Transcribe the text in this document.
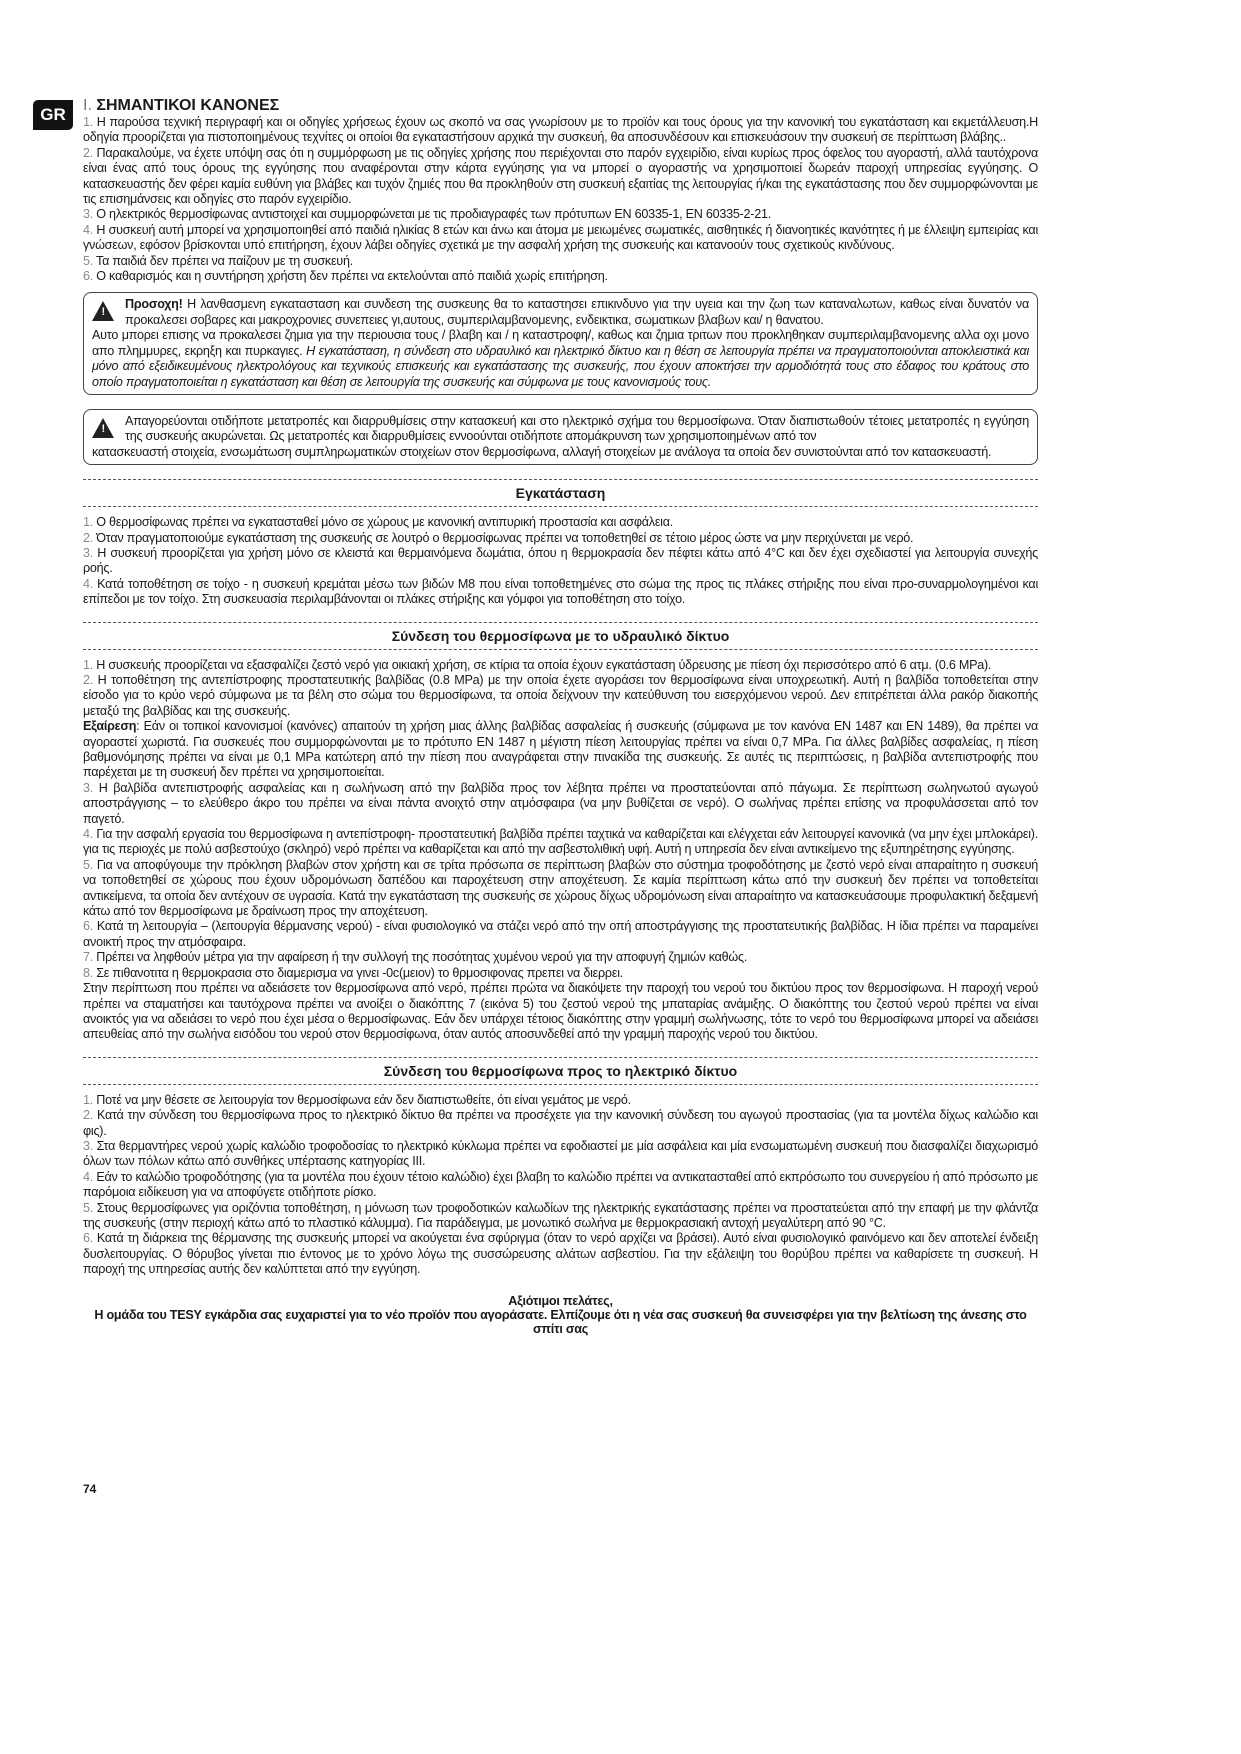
GR	I. ΣΗΜΑΝΤΙΚΟΙ ΚΑΝΟΝΕΣ

1. Η παρούσα τεχνική περιγραφή και οι οδηγίες χρήσεως έχουν ως σκοπό να σας γνωρίσουν με το προϊόν και τους όρους για την κανονική του εγκατάσταση και εκμετάλλευση.Η οδηγία προορίζεται για πιστοποιημένους τεχνίτες οι οποίοι θα εγκαταστήσουν αρχικά την συσκευή, θα αποσυνδέσουν και επισκευάσουν την συσκευή σε περίπτωση βλάβης..

2. Παρακαλούμε, να έχετε υπόψη σας ότι η συμμόρφωση με τις οδηγίες χρήσης που περιέχονται στο παρόν εγχειρίδιο, είναι κυρίως προς όφελος του αγοραστή, αλλά ταυτόχρονα είναι ένας από τους όρους της εγγύησης που αναφέρονται στην κάρτα εγγύησης για να μπορεί ο αγοραστής να χρησιμοποιεί δωρεάν παροχή υπηρεσίας εγγύησης. Ο κατασκευαστής δεν φέρει καμία ευθύνη για βλάβες και τυχόν ζημιές που θα προκληθούν στη συσκευή εξαιτίας της λειτουργίας ή/και της εγκατάστασης που δεν συμμορφώνονται με τις επισημάνσεις και οδηγίες στο παρόν εγχειρίδιο.

3. Ο ηλεκτρικός θερμοσίφωνας αντιστοιχεί και συμμορφώνεται με τις προδιαγραφές των πρότυπων EN 60335-1, EN 60335-2-21.

4. Η συσκευή αυτή μπορεί να χρησιμοποιηθεί από παιδιά ηλικίας 8 ετών και άνω και άτομα με μειωμένες σωματικές, αισθητικές ή διανοητικές ικανότητες ή με έλλειψη εμπειρίας και γνώσεων, εφόσον βρίσκονται υπό επιτήρηση, έχουν λάβει οδηγίες σχετικά με την ασφαλή χρήση της συσκευής και κατανοούν τους σχετικούς κινδύνους.

5. Τα παιδιά δεν πρέπει να παίζουν με τη συσκευή.

6. Ο καθαρισμός και η συντήρηση χρήστη δεν πρέπει να εκτελούνται από παιδιά χωρίς επιτήρηση.

!

Προσοχη! Η λανθασμενη εγκατασταση και συνδεση της συσκευης θα το καταστησει επικινδυνο για την υγεια και την ζωη των καταναλωτων, καθως είναι δυνατόν να προκαλεσει σοβαρες και μακροχρονιες συνεπειες γι,αυτους, συμπεριλαμβανομενης, ενδεικτικα, σωματικων βλαβων και/ η θανατου.

Αυτο μπορει επισης να προκαλεσει ζημια για την περιουσια τους / βλαβη και / η καταστροφη/, καθως και ζημια τριτων που προκληθηκαν συμπεριλαμβανομενης αλλα οχι μονο απο πλημμυρες, εκρηξη και πυρκαγιες. Η εγκατάσταση, η σύνδεση στο υδραυλικό και ηλεκτρικό δίκτυο και η θέση σε λειτουργία πρέπει να πραγματοποιούνται αποκλειστικά και μόνο από εξειδικευμένους ηλεκτρολόγους και τεχνικούς επισκευής και εγκατάστασης της συσκευής, που έχουν αποκτήσει την αρμοδιότητά τους στο έδαφος του κράτους στο οποίο πραγματοποιείται η εγκατάσταση και θέση σε λειτουργία της συσκευής και σύμφωνα με τους κανονισμούς τους.

!

Απαγορεύονται οτιδήποτε μετατροπές και διαρρυθμίσεις στην κατασκευή και στο ηλεκτρικό σχήμα του θερμοσίφωνα. Όταν διαπιστωθούν τέτοιες μετατροπές η εγγύηση της συσκευής ακυρώνεται. Ως μετατροπές και διαρρυθμίσεις εννοούνται οτιδήποτε απομάκρυνση των χρησιμοποιημένων από τον

κατασκευαστή στοιχεία, ενσωμάτωση συμπληρωματικών στοιχείων στον θερμοσίφωνα, αλλαγή στοιχείων με ανάλογα τα οποία δεν συνιστούνται από τον κατασκευαστή.

Εγκατάσταση

1. Ο θερμοσίφωνας πρέπει να εγκατασταθεί μόνο σε χώρους με κανονική αντιπυρική προστασία και ασφάλεια.

2. Όταν πραγματοποιούμε εγκατάσταση της συσκευής σε λουτρό ο θερμοσίφωνας πρέπει να τοποθετηθεί σε τέτοιο μέρος ώστε να μην περιχύνεται με νερό.

3. Η συσκευή προορίζεται για χρήση μόνο σε κλειστά και θερμαινόμενα δωμάτια, όπου η θερμοκρασία δεν πέφτει κάτω από 4°C και δεν έχει σχεδιαστεί για λειτουργία συνεχής ροής.

4. Κατά τοποθέτηση σε τοίχο - η συσκευή κρεμάται μέσω των βιδών M8 που είναι τοποθετημένες στο σώμα της προς τις πλάκες στήριξης που είναι προ-συναρμολογημένοι και επίπεδοι με τον τοίχο. Στη συσκευασία περιλαμβάνονται οι πλάκες στήριξης και γόμφοι για τοποθέτηση στο τοίχο.

Σύνδεση του θερμοσίφωνα με το υδραυλικό δίκτυο

1. Η συσκευής προορίζεται να εξασφαλίζει ζεστό νερό για οικιακή χρήση, σε κτίρια τα οποία έχουν εγκατάσταση ύδρευσης με πίεση όχι περισσότερο από 6 ατμ. (0.6 MPa).

2. Η τοποθέτηση της αντεπίστροφης προστατευτικής βαλβίδας (0.8 MPa) με την οποία έχετε αγοράσει τον θερμοσίφωνα είναι υποχρεωτική. Αυτή η βαλβίδα τοποθετείται στην είσοδο για το κρύο νερό σύμφωνα με τα βέλη στο σώμα του θερμοσίφωνα, τα οποία δείχνουν την κατεύθυνση του εισερχόμενου νερού. Δεν επιτρέπεται άλλα ρακόρ διακοπής μεταξύ της βαλβίδας και της συσκευής.

Εξαίρεση: Εάν οι τοπικοί κανονισμοί (κανόνες) απαιτούν τη χρήση μιας άλλης βαλβίδας ασφαλείας ή συσκευής (σύμφωνα με τον κανόνα EN 1487 και EN 1489), θα πρέπει να αγοραστεί χωριστά. Για συσκευές που συμμορφώνονται με το πρότυπο EN 1487 η μέγιστη πίεση λειτουργίας πρέπει να είναι 0,7 MPa. Για άλλες βαλβίδες ασφαλείας, η πίεση βαθμονόμησης πρέπει να είναι με 0,1 MPa κατώτερη από την πίεση που αναγράφεται στην πινακίδα της συσκευής. Σε αυτές τις περιπτώσεις, η βαλβίδα αντεπιστροφής που παρέχεται με τη συσκευή δεν πρέπει να χρησιμοποιείται.

3. Η βαλβίδα αντεπιστροφής ασφαλείας και η σωλήνωση από την βαλβίδα προς τον λέβητα πρέπει να προστατεύονται από πάγωμα. Σε περίπτωση σωληνωτού αγωγού αποστράγγισης – το ελεύθερο άκρο του πρέπει να είναι πάντα ανοιχτό στην ατμόσφαιρα (να μην βυθίζεται σε νερό). Ο σωλήνας πρέπει επίσης να προφυλάσσεται από τον παγετό.

4. Για την ασφαλή εργασία του θερμοσίφωνα η αντεπίστροφη- προστατευτική βαλβίδα πρέπει ταχτικά να καθαρίζεται και ελέγχεται εάν λειτουργεί κανονικά (να μην έχει μπλοκάρει). για τις περιοχές με πολύ ασβεστούχο (σκληρό) νερό πρέπει να καθαρίζεται και από την ασβεστολιθική υφή. Αυτή η υπηρεσία δεν είναι αντικείμενο της εξυπηρέτησης εγγύησης.

5. Για να αποφύγουμε την πρόκληση βλαβών στον χρήστη και σε τρίτα πρόσωπα σε περίπτωση βλαβών στο σύστημα τροφοδότησης με ζεστό νερό είναι απαραίτητο η συσκευή να τοποθετηθεί σε χώρους που έχουν υδρομόνωση δαπέδου και παροχέτευση στην αποχέτευση. Σε καμία περίπτωση κάτω από την συσκευή δεν πρέπει να τοποθετείται αντικείμενα, τα οποία δεν αντέχουν σε υγρασία. Κατά την εγκατάσταση της συσκευής σε χώρους δίχως υδρομόνωση είναι απαραίτητο να κατασκευάσουμε προφυλακτική δεξαμενή κάτω από τον θερμοσίφωνα με δραίνωση προς την αποχέτευση.

6. Κατά τη λειτουργία – (λειτουργία θέρμανσης νερού) - είναι φυσιολογικό να στάζει νερό από την οπή αποστράγγισης της προστατευτικής βαλβίδας. Η ίδια πρέπει να παραμείνει ανοικτή προς την ατμόσφαιρα.

7. Πρέπει να ληφθούν μέτρα για την αφαίρεση ή την συλλογή της ποσότητας χυμένου νερού για την αποφυγή ζημιών καθώς.

8. Σε πιθανοτιτα η θερμοκρασια στο διαμερισμα να γινει -0c(μειον) το θρμοσιφονας πρεπει να διερρει.

Στην περίπτωση που πρέπει να αδειάσετε τον θερμοσίφωνα από νερό, πρέπει πρώτα να διακόψετε την παροχή του νερού του δικτύου προς τον θερμοσίφωνα. Η παροχή νερού πρέπει να σταματήσει και ταυτόχρονα πρέπει να ανοίξει ο διακόπτης 7 (εικόνα 5) του ζεστού νερού της μπαταρίας ανάμιξης. Ο διακόπτης του ζεστού νερού πρέπει να είναι ανοικτός για να αδειάσει το νερό που έχει μέσα ο θερμοσίφωνας. Εάν δεν υπάρχει τέτοιος διακόπτης στην γραμμή σωλήνωσης, τότε το νερό του θερμοσίφωνα μπορεί να αδειάσει απευθείας από την σωλήνα εισόδου του νερού στον θερμοσίφωνα, όταν αυτός αποσυνδεθεί από την γραμμή παροχής νερού του δικτύου.

Σύνδεση του θερμοσίφωνα προς το ηλεκτρικό δίκτυο

1. Ποτέ να μην θέσετε σε λειτουργία τον θερμοσίφωνα εάν δεν διαπιστωθείτε, ότι είναι γεμάτος με νερό.

2. Κατά την σύνδεση του θερμοσίφωνα προς το ηλεκτρικό δίκτυο θα πρέπει να προσέχετε για την κανονική σύνδεση του αγωγού προστασίας (για τα μοντέλα δίχως καλώδιο και φις).

3. Στα θερμαντήρες νερού χωρίς καλώδιο τροφοδοσίας το ηλεκτρικό κύκλωμα πρέπει να εφοδιαστεί με μία ασφάλεια και μία ενσωματωμένη συσκευή που διασφαλίζει διαχωρισμό όλων των πόλων κάτω από συνθήκες υπέρτασης κατηγορίας III.

4. Εάν το καλώδιο τροφοδότησης (για τα μοντέλα που έχουν τέτοιο καλώδιο) έχει βλαβη το καλώδιο πρέπει να αντικατασταθεί από εκπρόσωπο του συνεργείου ή από πρόσωπο με παρόμοια ειδίκευση για να αποφύγετε οτιδήποτε ρίσκο.

5. Στους θερμοσίφωνες για οριζόντια τοποθέτηση, η μόνωση των τροφοδοτικών καλωδίων της ηλεκτρικής εγκατάστασης πρέπει να προστατεύεται από την επαφή με την φλάντζα της συσκευής (στην περιοχή κάτω από το πλαστικό κάλυμμα). Για παράδειγμα, με μονωτικό σωλήνα με θερμοκρασιακή αντοχή μεγαλύτερη από 90 °C.

6. Κατά τη διάρκεια της θέρμανσης της συσκευής μπορεί να ακούγεται ένα σφύριγμα (όταν το νερό αρχίζει να βράσει). Αυτό είναι φυσιολογικό φαινόμενο και δεν αποτελεί ένδειξη δυσλειτουργίας. Ο θόρυβος γίνεται πιο έντονος με το χρόνο λόγω της συσσώρευσης αλάτων ασβεστίου. Για την εξάλειψη του θορύβου πρέπει να καθαρίσετε τη συσκευή. Η παροχή της υπηρεσίας αυτής δεν καλύπτεται από την εγγύηση.

Αξιότιμοι πελάτες,
Η ομάδα του TESY εγκάρδια σας ευχαριστεί για το νέο προϊόν που αγοράσατε. Ελπίζουμε ότι η νέα σας συσκευή θα συνεισφέρει για την βελτίωση της άνεσης στο σπίτι σας
74
